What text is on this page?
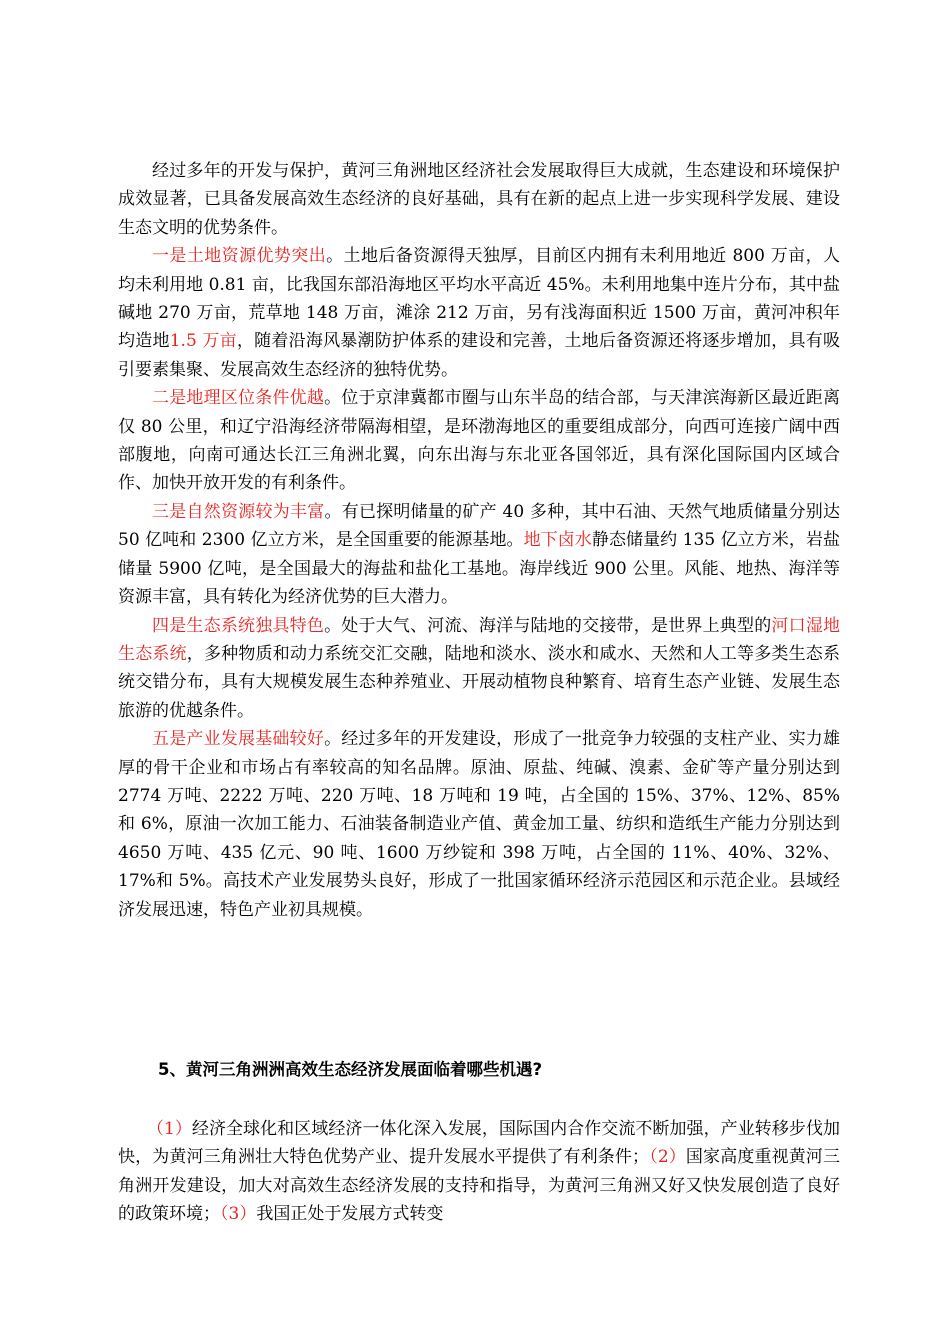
经过多年的开发与保护，黄河三角洲地区经济社会发展取得巨大成就，生态建设和环境保护成效显著，已具备发展高效生态经济的良好基础，具有在新的起点上进一步实现科学发展、建设生态文明的优势条件。

一是土地资源优势突出。土地后备资源得天独厚，目前区内拥有未利用地近 800 万亩，人均未利用地 0.81 亩，比我国东部沿海地区平均水平高近 45%。未利用地集中连片分布，其中盐碱地 270 万亩，荒草地 148 万亩，滩涂 212 万亩，另有浅海面积近 1500 万亩，黄河冲积年均造地1.5 万亩，随着沿海风暴潮防护体系的建设和完善，土地后备资源还将逐步增加，具有吸引要素集聚、发展高效生态经济的独特优势。

二是地理区位条件优越。位于京津冀都市圈与山东半岛的结合部，与天津滨海新区最近距离仅 80 公里，和辽宁沿海经济带隔海相望，是环渤海地区的重要组成部分，向西可连接广阔中西部腹地，向南可通达长江三角洲北翼，向东出海与东北亚各国邻近，具有深化国际国内区域合作、加快开放开发的有利条件。

三是自然资源较为丰富。有已探明储量的矿产 40 多种，其中石油、天然气地质储量分别达 50 亿吨和 2300 亿立方米，是全国重要的能源基地。地下卤水静态储量约 135 亿立方米，岩盐储量 5900 亿吨，是全国最大的海盐和盐化工基地。海岸线近 900 公里。风能、地热、海洋等资源丰富，具有转化为经济优势的巨大潜力。

四是生态系统独具特色。处于大气、河流、海洋与陆地的交接带，是世界上典型的河口湿地生态系统，多种物质和动力系统交汇交融，陆地和淡水、淡水和咸水、天然和人工等多类生态系统交错分布，具有大规模发展生态种养殖业、开展动植物良种繁育、培育生态产业链、发展生态旅游的优越条件。

五是产业发展基础较好。经过多年的开发建设，形成了一批竞争力较强的支柱产业、实力雄厚的骨干企业和市场占有率较高的知名品牌。原油、原盐、纯碱、溴素、金矿等产量分别达到 2774 万吨、2222 万吨、220 万吨、18 万吨和 19 吨，占全国的 15%、37%、12%、85%和 6%，原油一次加工能力、石油装备制造业产值、黄金加工量、纺织和造纸生产能力分别达到 4650 万吨、435 亿元、90 吨、1600 万纱锭和 398 万吨，占全国的 11%、40%、32%、17%和 5%。高技术产业发展势头良好，形成了一批国家循环经济示范园区和示范企业。县域经济发展迅速，特色产业初具规模。

5、黄河三角洲洲高效生态经济发展面临着哪些机遇?

（1）经济全球化和区域经济一体化深入发展，国际国内合作交流不断加强，产业转移步伐加快，为黄河三角洲壮大特色优势产业、提升发展水平提供了有利条件；（2）国家高度重视黄河三角洲开发建设，加大对高效生态经济发展的支持和指导，为黄河三角洲又好又快发展创造了良好的政策环境；（3）我国正处于发展方式转变
